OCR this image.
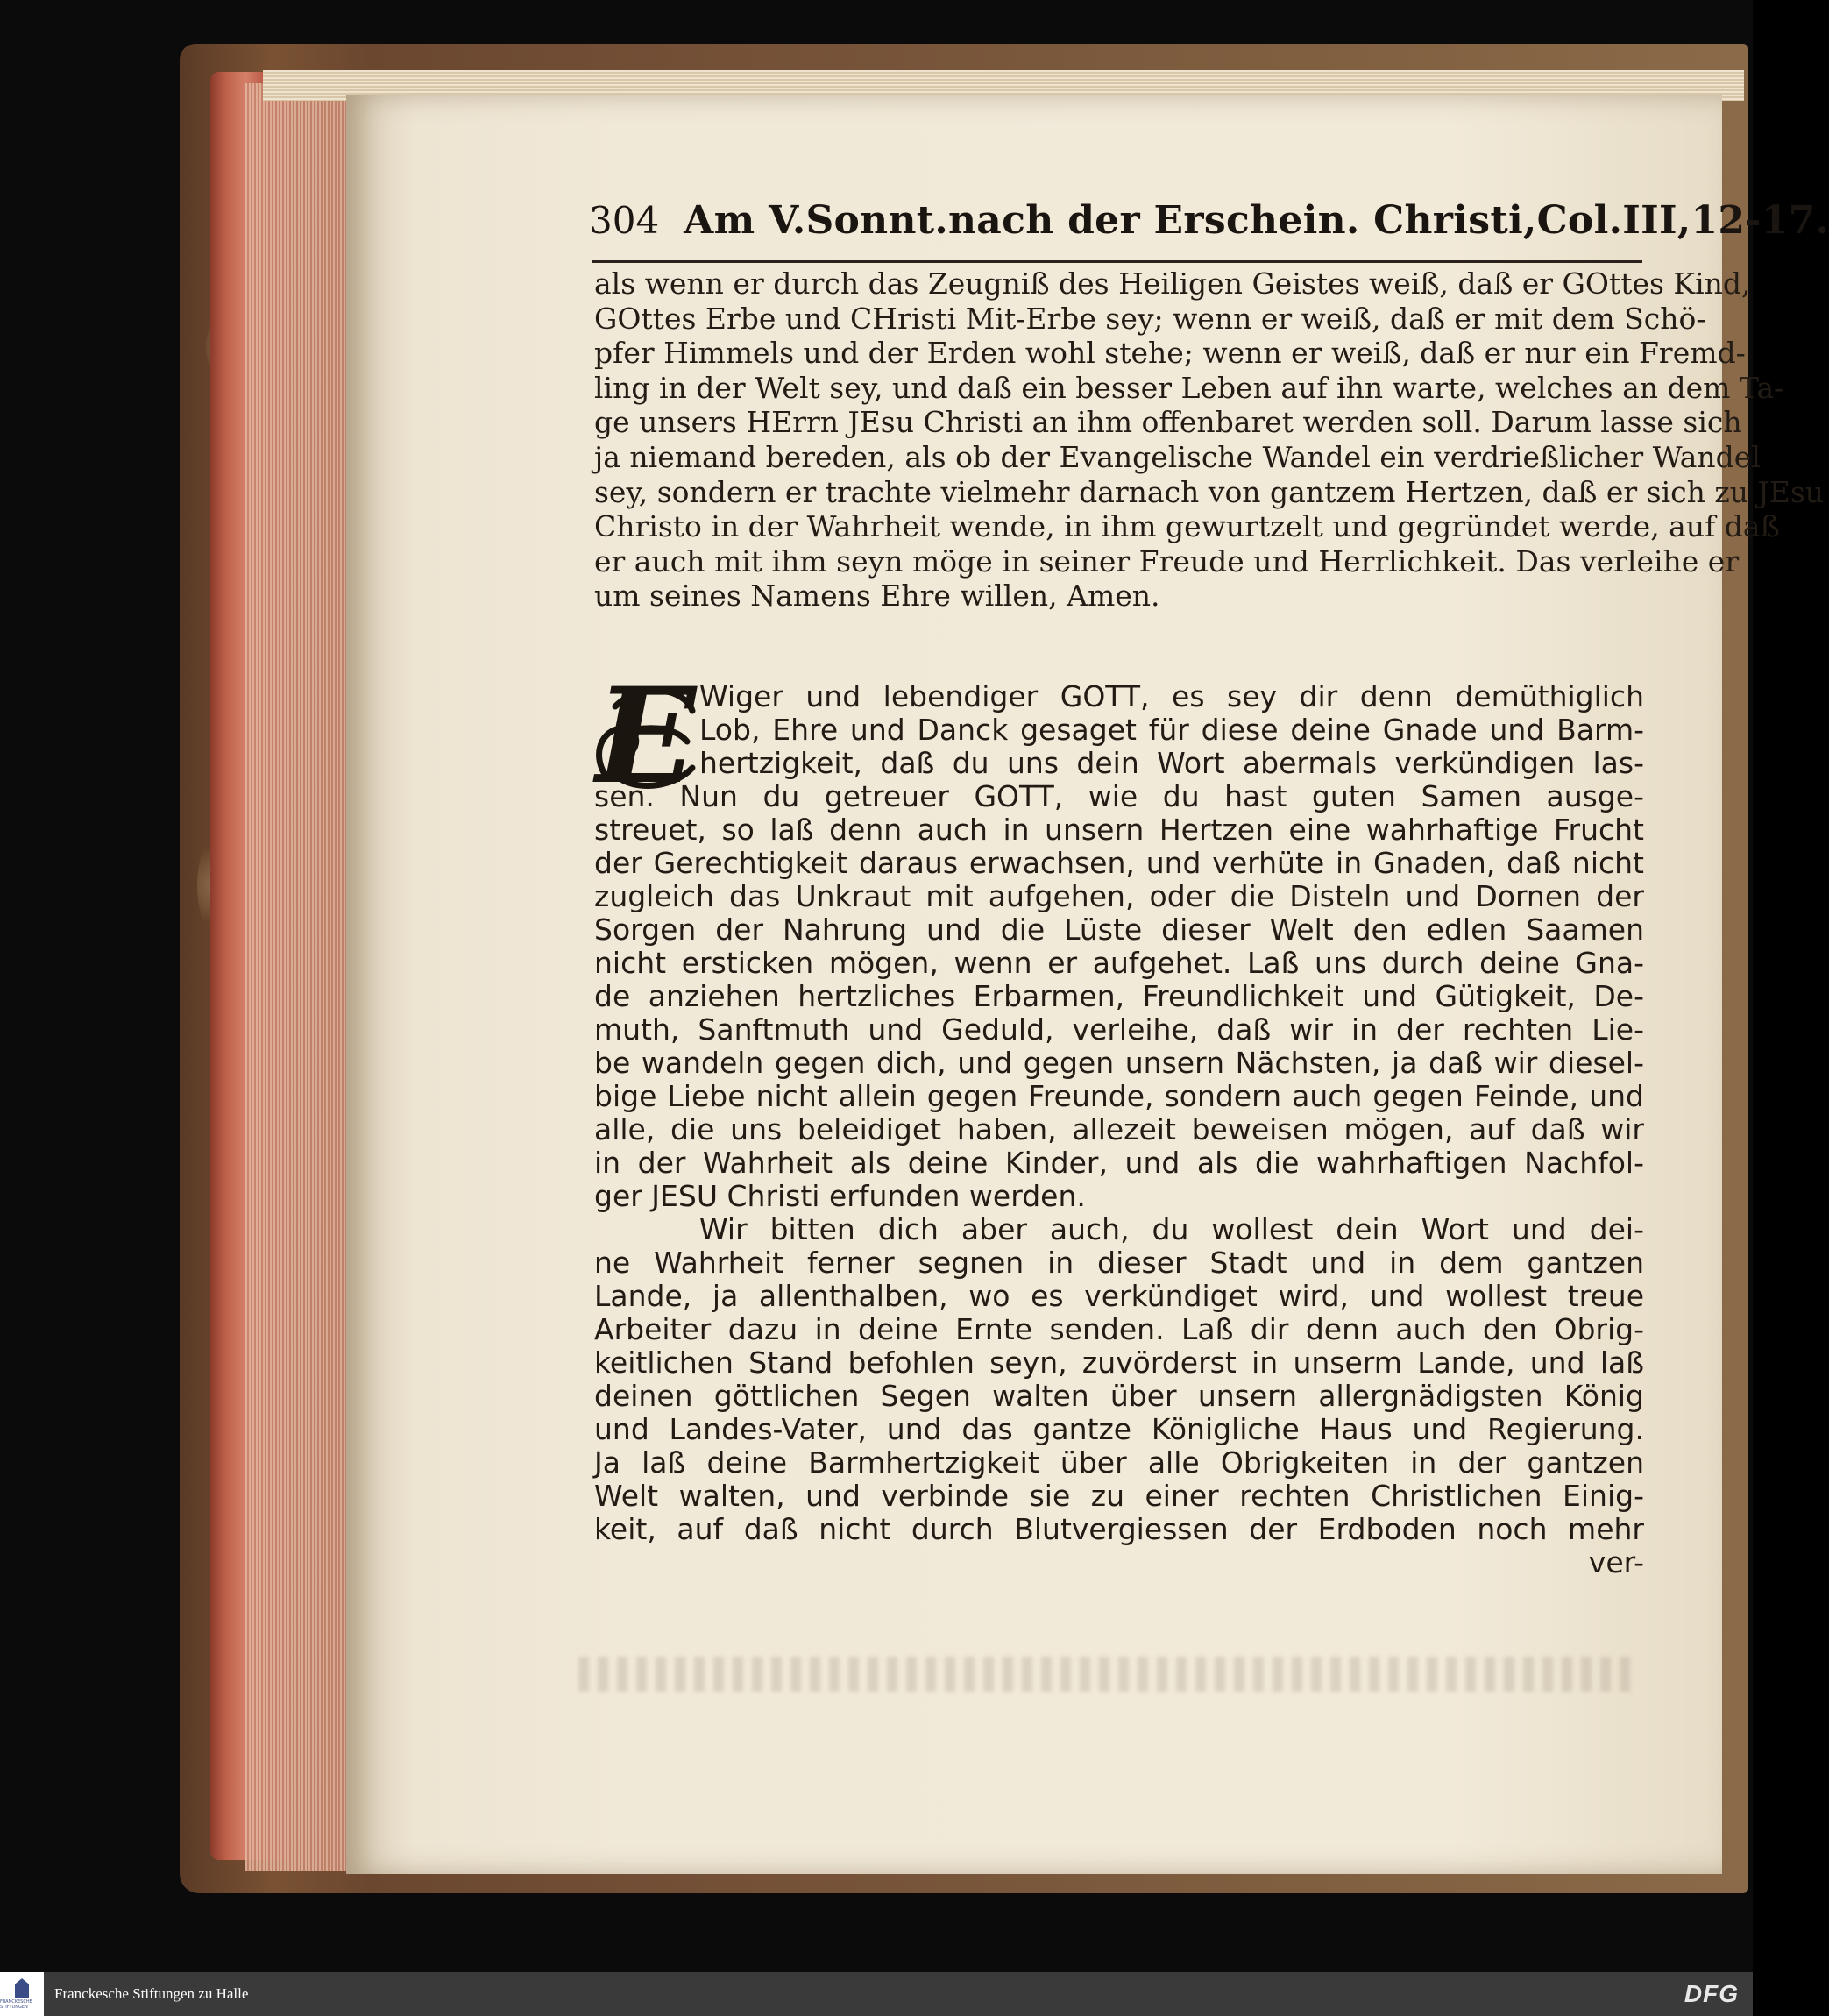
304 Am V.Sonnt.nach der Erschein. Christi,Col.III,12-17.
als wenn er durch das Zeugniß des Heiligen Geistes weiß, daß er GOttes Kind,
GOttes Erbe und CHristi Mit-Erbe sey; wenn er weiß, daß er mit dem Schö-
pfer Himmels und der Erden wohl stehe; wenn er weiß, daß er nur ein Fremd-
ling in der Welt sey, und daß ein besser Leben auf ihn warte, welches an dem Ta-
ge unsers HErrn JEsu Christi an ihm offenbaret werden soll. Darum lasse sich
ja niemand bereden, als ob der Evangelische Wandel ein verdrießlicher Wandel
sey, sondern er trachte vielmehr darnach von gantzem Hertzen, daß er sich zu JEsu
Christo in der Wahrheit wende, in ihm gewurtzelt und gegründet werde, auf daß
er auch mit ihm seyn möge in seiner Freude und Herrlichkeit. Das verleihe er
um seines Namens Ehre willen, Amen.
E Wiger und lebendiger GOTT, es sey dir denn demüthiglich
Lob, Ehre und Danck gesaget für diese deine Gnade und Barm-
hertzigkeit, daß du uns dein Wort abermals verkündigen las-
sen. Nun du getreuer GOTT, wie du hast guten Samen ausge-
streuet, so laß denn auch in unsern Hertzen eine wahrhaftige Frucht
der Gerechtigkeit daraus erwachsen, und verhüte in Gnaden, daß nicht
zugleich das Unkraut mit aufgehen, oder die Disteln und Dornen der
Sorgen der Nahrung und die Lüste dieser Welt den edlen Saamen
nicht ersticken mögen, wenn er aufgehet. Laß uns durch deine Gna-
de anziehen hertzliches Erbarmen, Freundlichkeit und Gütigkeit, De-
muth, Sanftmuth und Geduld, verleihe, daß wir in der rechten Lie-
be wandeln gegen dich, und gegen unsern Nächsten, ja daß wir diesel-
bige Liebe nicht allein gegen Freunde, sondern auch gegen Feinde, und
alle, die uns beleidiget haben, allezeit beweisen mögen, auf daß wir
in der Wahrheit als deine Kinder, und als die wahrhaftigen Nachfol-
ger JESU Christi erfunden werden.
Wir bitten dich aber auch, du wollest dein Wort und dei-
ne Wahrheit ferner segnen in dieser Stadt und in dem gantzen
Lande, ja allenthalben, wo es verkündiget wird, und wollest treue
Arbeiter dazu in deine Ernte senden. Laß dir denn auch den Obrig-
keitlichen Stand befohlen seyn, zuvörderst in unserm Lande, und laß
deinen göttlichen Segen walten über unsern allergnädigsten König
und Landes-Vater, und das gantze Königliche Haus und Regierung.
Ja laß deine Barmhertzigkeit über alle Obrigkeiten in der gantzen
Welt walten, und verbinde sie zu einer rechten Christlichen Einig-
keit, auf daß nicht durch Blutvergiessen der Erdboden noch mehr
ver-
FRANCKESCHE STIFTUNGEN
Franckesche Stiftungen zu Halle	DFG
